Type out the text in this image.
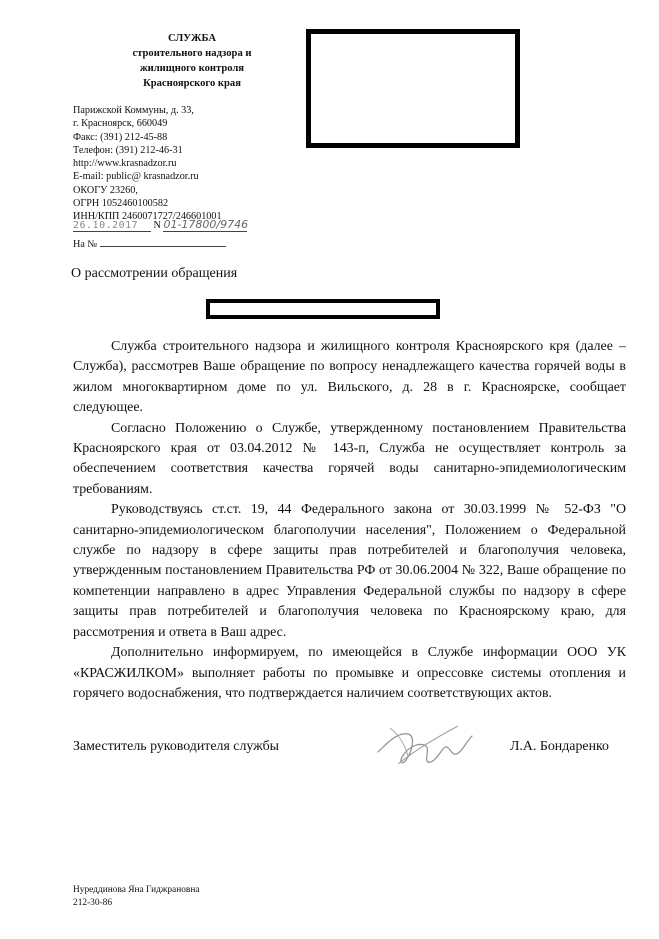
СЛУЖБА
строительного надзора и
жилищного контроля
Красноярского края
Парижской Коммуны, д. 33,
г. Красноярск, 660049
Факс: (391) 212-45-88
Телефон: (391) 212-46-31
http://www.krasnadzor.ru
E-mail: public@ krasnadzor.ru
ОКОГУ 23260,
ОГРН 1052460100582
ИНН/КПП 2460071727/246601001
26.10.2017 N 01-17800/9746
На №
О рассмотрении обращения

Служба строительного надзора и жилищного контроля Красноярского кря (далее – Служба), рассмотрев Ваше обращение по вопросу ненадлежащего качества горячей воды в жилом многоквартирном доме по ул. Вильского, д. 28 в г. Красноярске, сообщает следующее.

Согласно Положению о Службе, утвержденному постановлением Правительства Красноярского края от 03.04.2012 № 143-п, Служба не осуществляет контроль за обеспечением соответствия качества горячей воды санитарно-эпидемиологическим требованиям.

Руководствуясь ст.ст. 19, 44 Федерального закона от 30.03.1999 № 52-ФЗ "О санитарно-эпидемиологическом благополучии населения", Положением о Федеральной службе по надзору в сфере защиты прав потребителей и благополучия человека, утвержденным постановлением Правительства РФ от 30.06.2004 № 322, Ваше обращение по компетенции направлено в адрес Управления Федеральной службы по надзору в сфере защиты прав потребителей и благополучия человека по Красноярскому краю, для рассмотрения и ответа в Ваш адрес.

Дополнительно информируем, по имеющейся в Службе информации ООО УК «КРАСЖИЛКОМ» выполняет работы по промывке и опрессовке системы отопления и горячего водоснабжения, что подтверждается наличием соответствующих актов.

Заместитель руководителя службы	Л.А. Бондаренко
Нуреддинова Яна Гиджрановна
212-30-86
